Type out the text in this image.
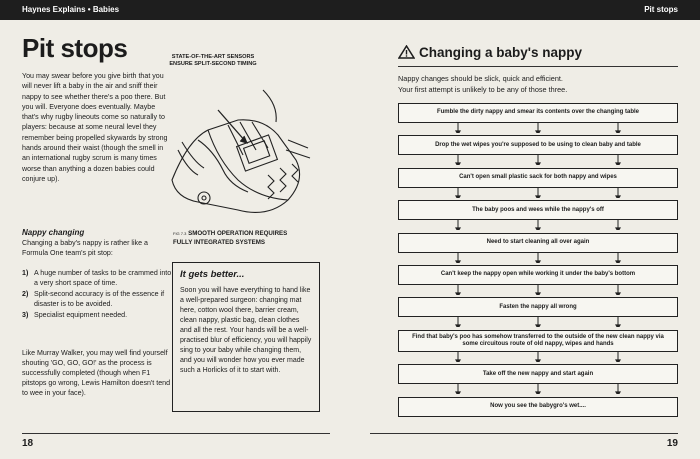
Haynes Explains • Babies	Pit stops
Pit stops
You may swear before you give birth that you will never lift a baby in the air and sniff their nappy to see whether there's a poo there. But you will. Everyone does eventually. Maybe that's why rugby lineouts come so naturally to players: because at some neural level they remember being propelled skywards by strong hands around their waist (though the smell in an international rugby scrum is many times worse than anything a dozen babies could conjure up).
STATE-OF-THE-ART SENSORS ENSURE SPLIT-SECOND TIMING
FIG 7.3 SMOOTH OPERATION REQUIRES
FULLY INTEGRATED SYSTEMS
Nappy changing
Changing a baby's nappy is rather like a Formula One team's pit stop:
1) A huge number of tasks to be crammed into a very short space of time.
2) Split-second accuracy is of the essence if disaster is to be avoided.
3) Specialist equipment needed.
Like Murray Walker, you may well find yourself shouting 'GO, GO, GO!' as the process is successfully completed (though when F1 pitstops go wrong, Lewis Hamilton doesn't tend to wee in your face).
It gets better...

Soon you will have everything to hand like a well-prepared surgeon: changing mat here, cotton wool there, barrier cream, clean nappy, plastic bag, clean clothes and all the rest. Your hands will be a well-practised blur of efficiency, you will happily sing to your baby while changing them, and you will wonder how you ever made such a Horlicks of it to start with.

18
Changing a baby's nappy
Nappy changes should be slick, quick and efficient.
Your first attempt is unlikely to be any of those three.
Fumble the dirty nappy and smear its contents over the changing table
Drop the wet wipes you're supposed to be using to clean baby and table
Can't open small plastic sack for both nappy and wipes
The baby poos and wees while the nappy's off
Need to start cleaning all over again
Can't keep the nappy open while working it under the baby's bottom
Fasten the nappy all wrong
Find that baby's poo has somehow transferred to the outside of the new clean nappy via some circuitous route of old nappy, wipes and hands
Take off the new nappy and start again
Now you see the babygro's wet....
19
